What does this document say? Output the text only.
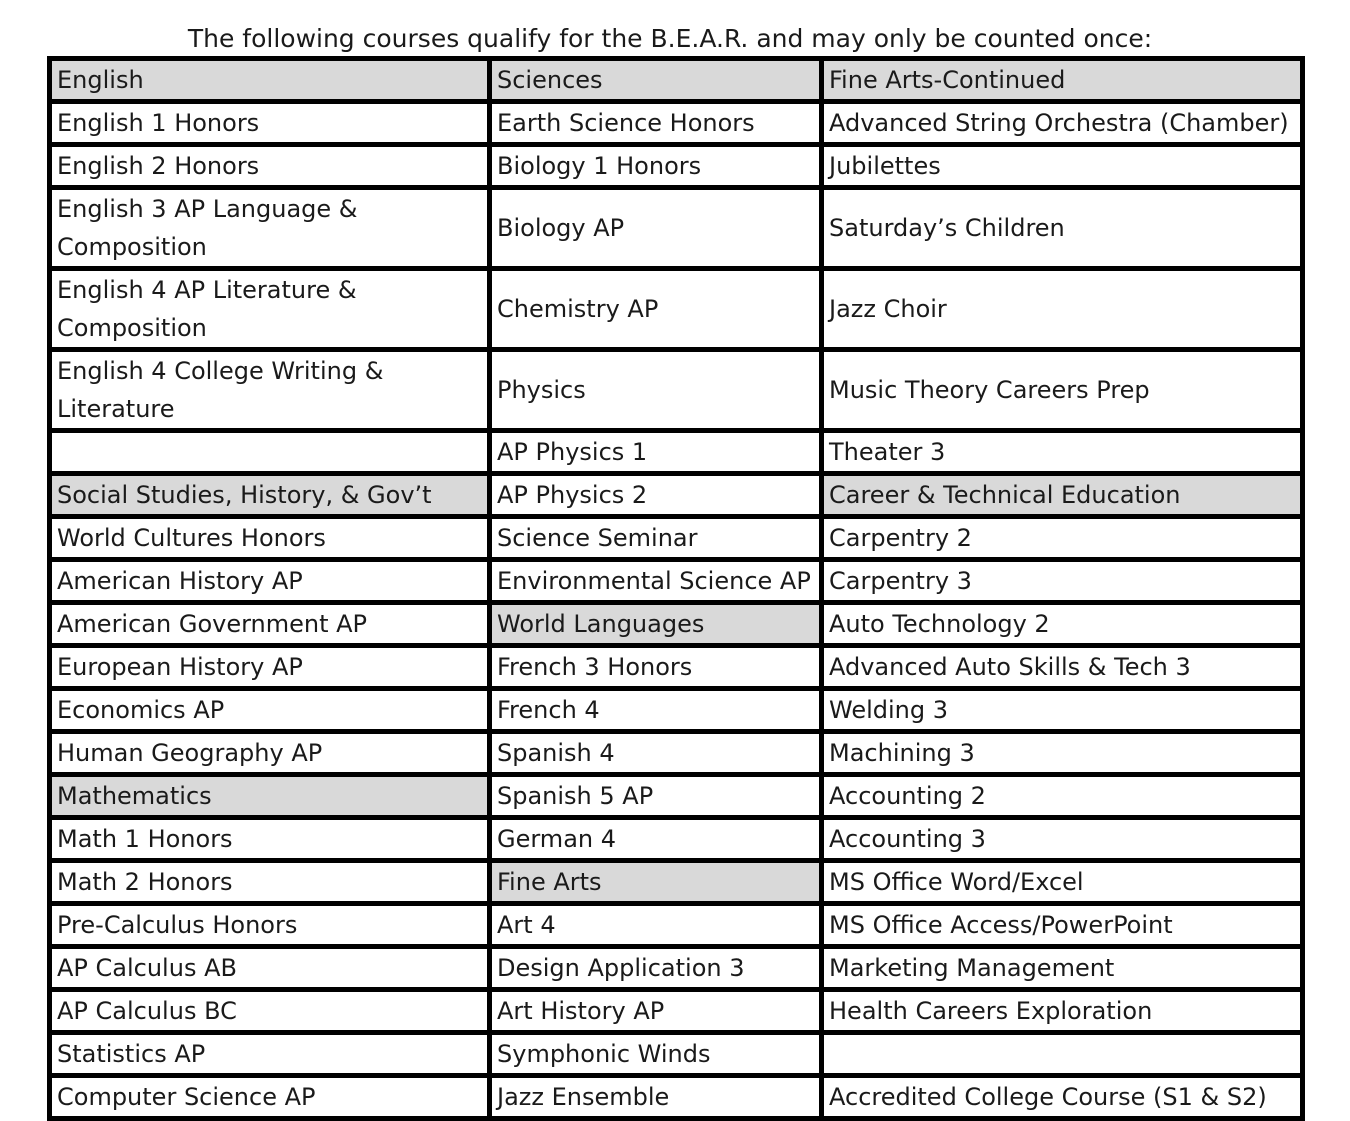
The following courses qualify for the B.E.A.R. and may only be counted once:
English	Sciences	Fine Arts-Continued
English 1 Honors	Earth Science Honors	Advanced String Orchestra (Chamber)
English 2 Honors	Biology 1 Honors	Jubilettes
English 3 AP Language & Composition	Biology AP	Saturday’s Children
English 4 AP Literature & Composition	Chemistry AP	Jazz Choir
English 4 College Writing & Literature	Physics	Music Theory Careers Prep
	AP Physics 1	Theater 3
Social Studies, History, & Gov’t	AP Physics 2	Career & Technical Education
World Cultures Honors	Science Seminar	Carpentry 2
American History AP	Environmental Science AP	Carpentry 3
American Government AP	World Languages	Auto Technology 2
European History AP	French 3 Honors	Advanced Auto Skills & Tech 3
Economics AP	French 4	Welding 3
Human Geography AP	Spanish 4	Machining 3
Mathematics	Spanish 5 AP	Accounting 2
Math 1 Honors	German 4	Accounting 3
Math 2 Honors	Fine Arts	MS Office Word/Excel
Pre-Calculus Honors	Art 4	MS Office Access/PowerPoint
AP Calculus AB	Design Application 3	Marketing Management
AP Calculus BC	Art History AP	Health Careers Exploration
Statistics AP	Symphonic Winds	
Computer Science AP	Jazz Ensemble	Accredited College Course (S1 & S2)
